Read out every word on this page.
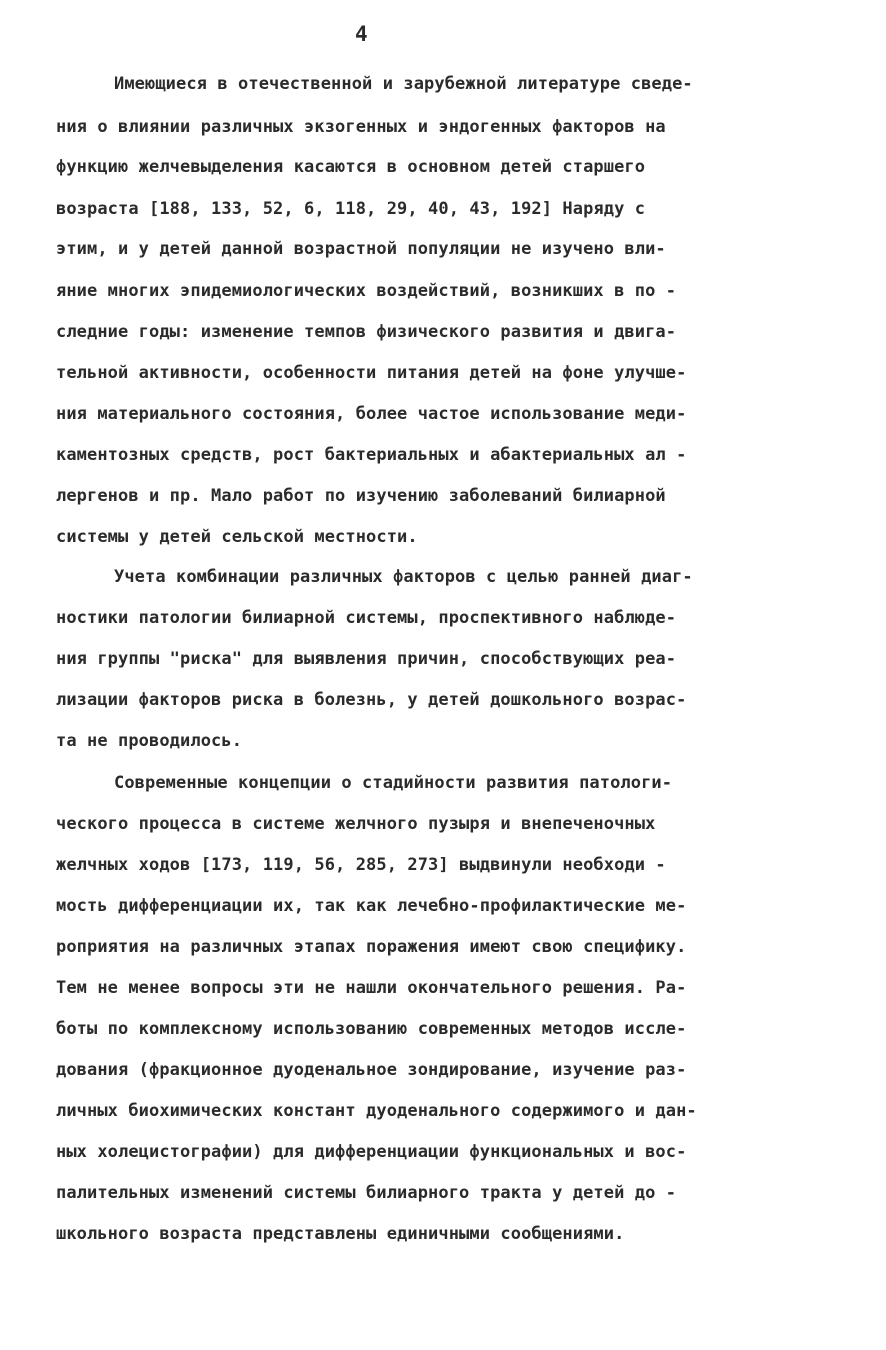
4
Имеющиеся в отечественной и зарубежной литературе сведе-
ния о влиянии различных экзогенных и эндогенных факторов на
функцию желчевыделения касаются в основном детей старшего
возраста [188, 133, 52, 6, 118, 29, 40, 43, 192] Наряду с
этим, и у детей данной возрастной популяции не изучено вли-
яние многих эпидемиологических воздействий, возникших в по -
следние годы: изменение темпов физического развития и двига-
тельной активности, особенности питания детей на фоне улучше-
ния материального состояния, более частое использование меди-
каментозных средств, рост бактериальных и абактериальных ал -
лергенов и пр. Мало работ по изучению заболеваний билиарной
системы у детей сельской местности.
Учета комбинации различных факторов с целью ранней диаг-
ностики патологии билиарной системы, проспективного наблюде-
ния группы "риска" для выявления причин, способствующих реа-
лизации факторов риска в болезнь, у детей дошкольного возрас-
та не проводилось.
Современные концепции о стадийности развития патологи-
ческого процесса в системе желчного пузыря и внепеченочных
желчных ходов [173, 119, 56, 285, 273] выдвинули необходи -
мость дифференциации их, так как лечебно-профилактические ме-
роприятия на различных этапах поражения имеют свою специфику.
Тем не менее вопросы эти не нашли окончательного решения. Ра-
боты по комплексному использованию современных методов иссле-
дования (фракционное дуоденальное зондирование, изучение раз-
личных биохимических констант дуоденального содержимого и дан-
ных холецистографии) для дифференциации функциональных и вос-
палительных изменений системы билиарного тракта у детей до -
школьного возраста представлены единичными сообщениями.
